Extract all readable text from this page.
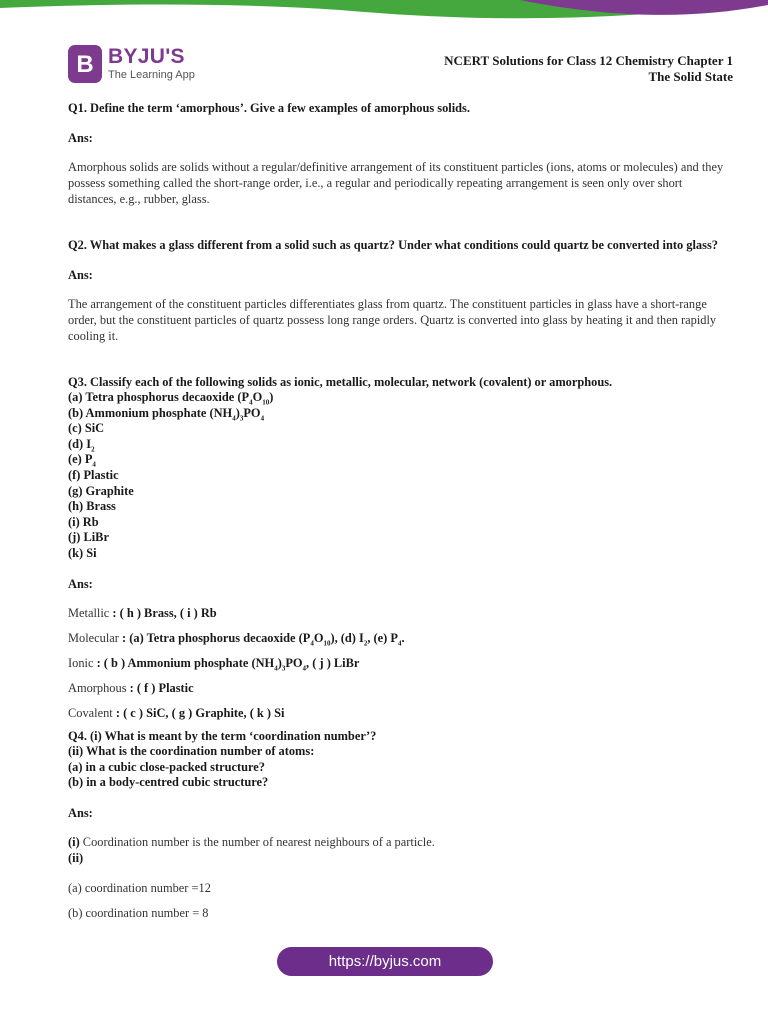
B BYJU'S
The Learning App
NCERT Solutions for Class 12 Chemistry Chapter 1
The Solid State

Q1. Define the term ‘amorphous’. Give a few examples of amorphous solids.

Ans:

Amorphous solids are solids without a regular/definitive arrangement of its constituent particles (ions, atoms or molecules) and they possess something called the short-range order, i.e., a regular and periodically repeating arrangement is seen only over short distances, e.g., rubber, glass.

Q2. What makes a glass different from a solid such as quartz? Under what conditions could quartz be converted into glass?

Ans:

The arrangement of the constituent particles differentiates glass from quartz. The constituent particles in glass have a short-range order, but the constituent particles of quartz possess long range orders. Quartz is converted into glass by heating it and then rapidly cooling it.

Q3. Classify each of the following solids as ionic, metallic, molecular, network (covalent) or amorphous.

(a) Tetra phosphorus decaoxide $(P_4O_{10})$

(b) Ammonium phosphate $(NH_4)_3PO_4$

(c) SiC

(d) $I_2$

(e) $P_4$

(f) Plastic

(g) Graphite

(h) Brass

(i) Rb

(j) LiBr

(k) Si

Ans:

Metallic : ( h ) Brass, ( i ) Rb

Molecular : (a) Tetra phosphorus decaoxide $(P_4O_{10})$, (d) $I_2$, (e) $P_4$.

Ionic : ( b ) Ammonium phosphate $(NH_4)_3PO_4$, ( j ) LiBr

Amorphous : ( f ) Plastic

Covalent : ( c ) SiC, ( g ) Graphite, ( k ) Si

Q4. (i) What is meant by the term ‘coordination number’?

(ii) What is the coordination number of atoms:

(a) in a cubic close-packed structure?

(b) in a body-centred cubic structure?

Ans:

(i) Coordination number is the number of nearest neighbours of a particle.

(ii)

(a) coordination number =12

(b) coordination number = 8

https://byjus.com
